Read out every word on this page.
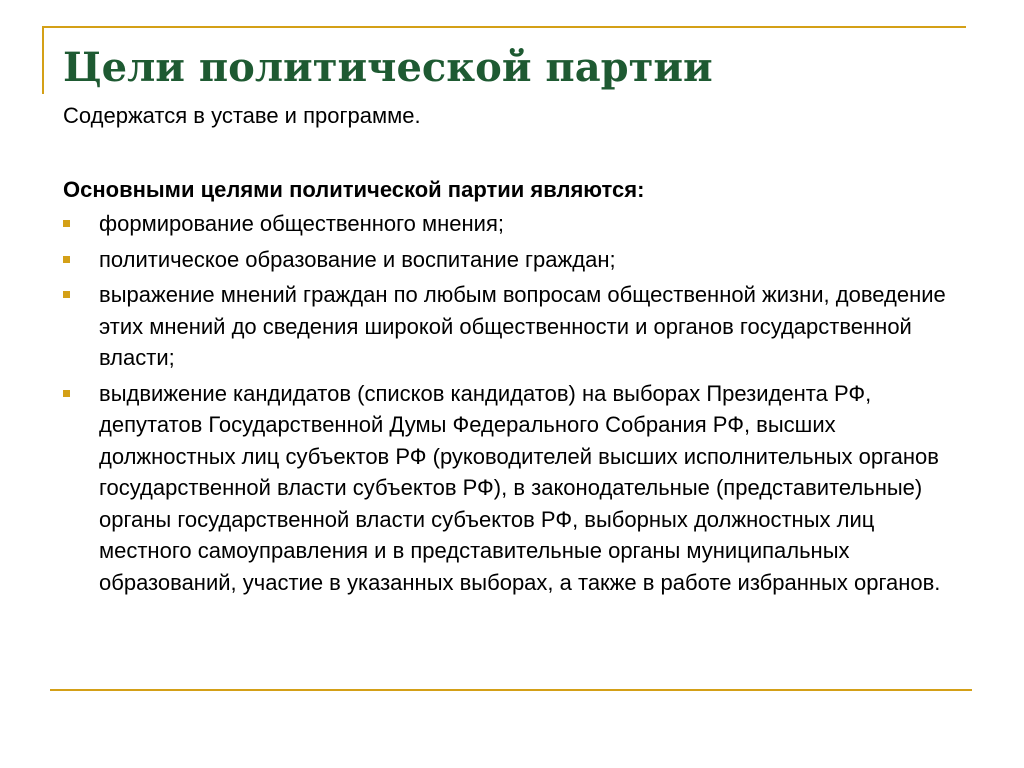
Цели политической партии

Содержатся в уставе и программе.

Основными целями политической партии являются:

формирование общественного мнения;
политическое образование и воспитание граждан;
выражение мнений граждан по любым вопросам общественной жизни, доведение этих мнений до сведения широкой общественности и органов государственной власти;
выдвижение кандидатов (списков кандидатов) на выборах Президента РФ, депутатов Государственной Думы Федерального Собрания РФ, высших должностных лиц субъектов РФ (руководителей высших исполнительных органов государственной власти субъектов РФ), в законодательные (представительные) органы государственной власти субъектов РФ, выборных должностных лиц местного самоуправления и в представительные органы муниципальных образований, участие в указанных выборах, а также в работе избранных органов.
